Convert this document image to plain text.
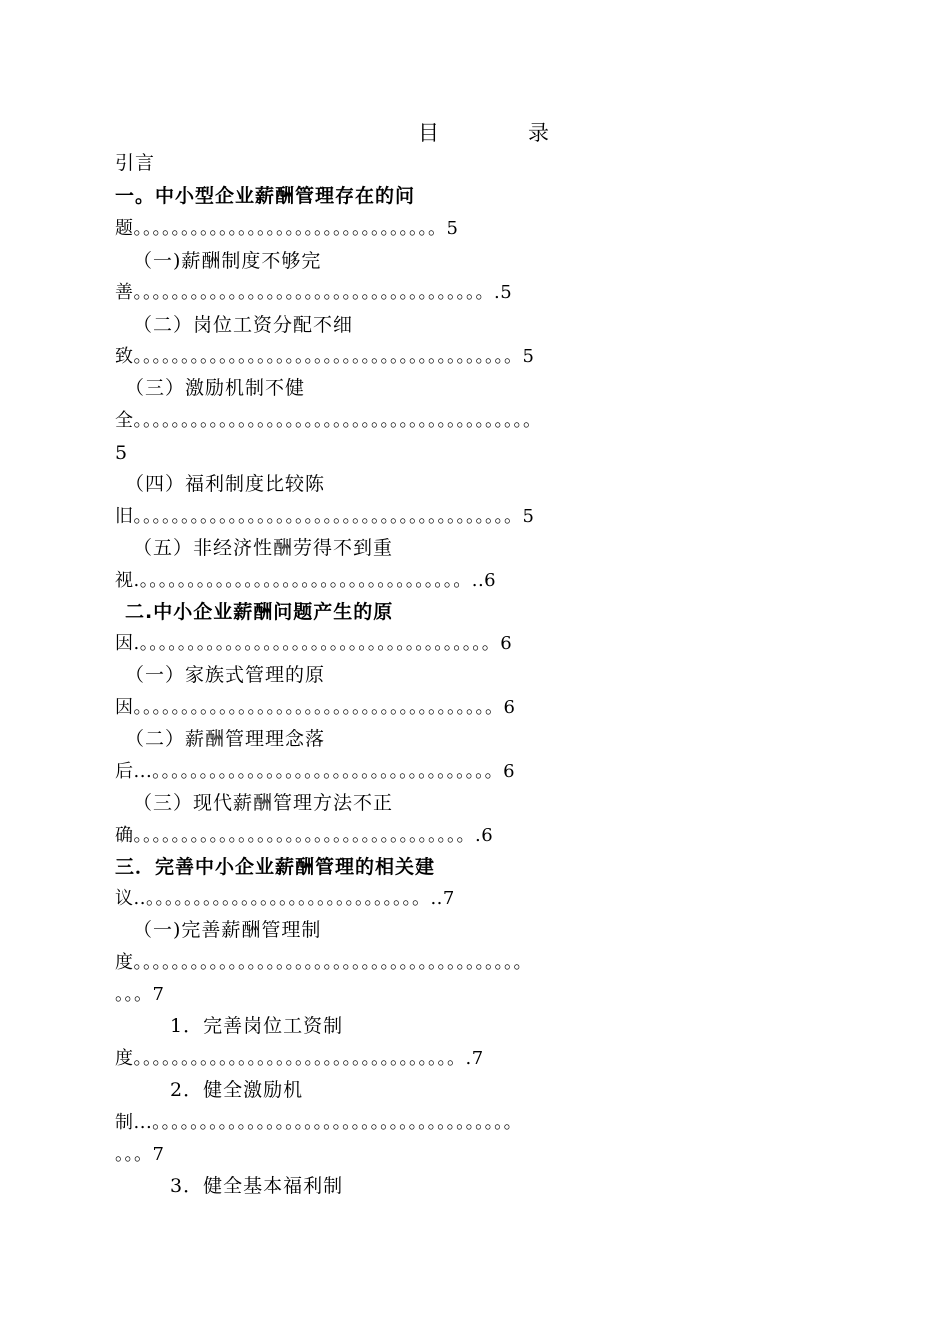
目	录
引言
一。中小型企业薪酬管理存在的问
题。。。。。。。。。。。。。。。。。。。。。。。。。。。。。。。。5
（一)薪酬制度不够完
善。。。。。。。。。。。。。。。。。。。。。。。。。。。。。。。。。。。。。.5
（二）岗位工资分配不细
致。。。。。。。。。。。。。。。。。。。。。。。。。。。。。。。。。。。。。。。。5
（三）激励机制不健
全。。。。。。。。。。。。。。。。。。。。。。。。。。。。。。。。。。。。。。。。。。
5
（四）福利制度比较陈
旧。。。。。。。。。。。。。。。。。。。。。。。。。。。。。。。。。。。。。。。。5
（五）非经济性酬劳得不到重
视.。。。。。。。。。。。。。。。。。。。。。。。。。。。。。。。。。。..6
二.中小企业薪酬问题产生的原
因.。。。。。。。。。。。。。。。。。。。。。。。。。。。。。。。。。。。。。6
（一）家族式管理的原
因。。。。。。。。。。。。。。。。。。。。。。。。。。。。。。。。。。。。。。6
（二）薪酬管理理念落
后...。。。。。。。。。。。。。。。。。。。。。。。。。。。。。。。。。。。。6
（三）现代薪酬管理方法不正
确。。。。。。。。。。。。。。。。。。。。。。。。。。。。。。。。。。。.6
三．完善中小企业薪酬管理的相关建
议..。。。。。。。。。。。。。。。。。。。。。。。。。。。。。..7
（一)完善薪酬管理制
度。。。。。。。。。。。。。。。。。。。。。。。。。。。。。。。。。。。。。。。。。
。。。7
1．完善岗位工资制
度。。。。。。。。。。。。。。。。。。。。。。。。。。。。。。。。。。.7
2．健全激励机
制...。。。。。。。。。。。。。。。。。。。。。。。。。。。。。。。。。。。。。。
。。。7
3．健全基本福利制
